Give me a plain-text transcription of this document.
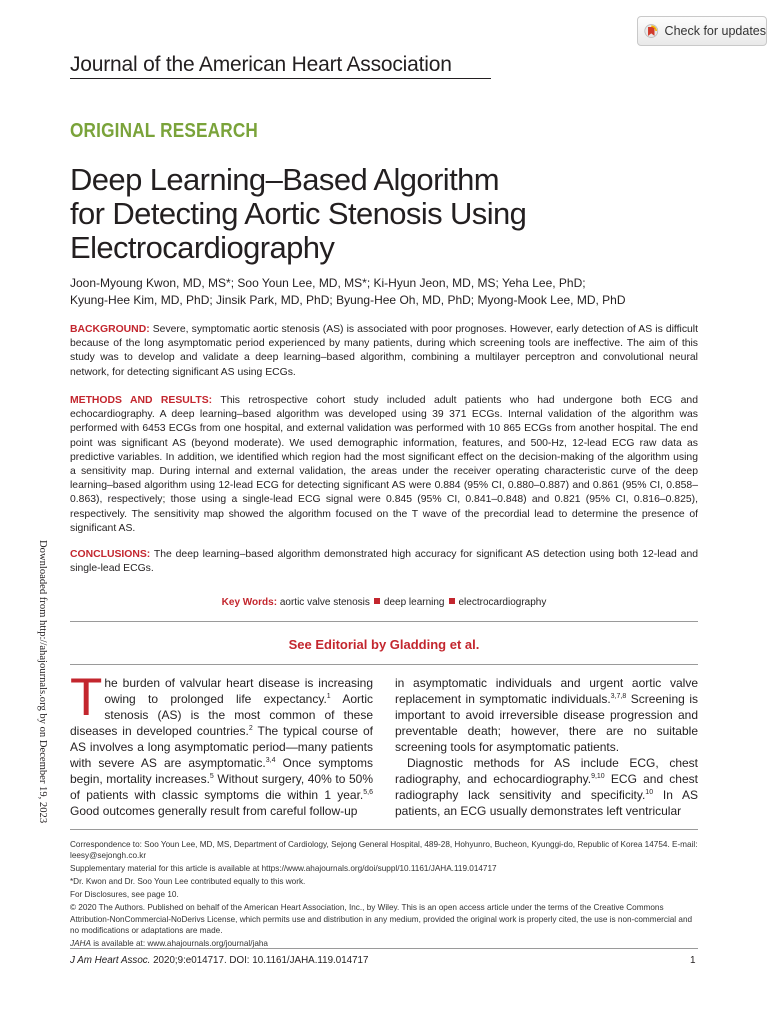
Check for updates
Journal of the American Heart Association
ORIGINAL RESEARCH
Deep Learning–Based Algorithm
for Detecting Aortic Stenosis Using
Electrocardiography
Joon-Myoung Kwon, MD, MS*; Soo Youn Lee, MD, MS*; Ki-Hyun Jeon, MD, MS; Yeha Lee, PhD;
Kyung-Hee Kim, MD, PhD; Jinsik Park, MD, PhD; Byung-Hee Oh, MD, PhD; Myong-Mook Lee, MD, PhD
BACKGROUND: Severe, symptomatic aortic stenosis (AS) is associated with poor prognoses. However, early detection of AS is difficult because of the long asymptomatic period experienced by many patients, during which screening tools are ineffective. The aim of this study was to develop and validate a deep learning–based algorithm, combining a multilayer perceptron and convolutional neural network, for detecting significant AS using ECGs.
METHODS AND RESULTS: This retrospective cohort study included adult patients who had undergone both ECG and echocardiography. A deep learning–based algorithm was developed using 39 371 ECGs. Internal validation of the algorithm was performed with 6453 ECGs from one hospital, and external validation was performed with 10 865 ECGs from another hospital. The end point was significant AS (beyond moderate). We used demographic information, features, and 500-Hz, 12-lead ECG raw data as predictive variables. In addition, we identified which region had the most significant effect on the decision-making of the algorithm using a sensitivity map. During internal and external validation, the areas under the receiver operating characteristic curve of the deep learning–based algorithm using 12-lead ECG for detecting significant AS were 0.884 (95% CI, 0.880–0.887) and 0.861 (95% CI, 0.858–0.863), respectively; those using a single-lead ECG signal were 0.845 (95% CI, 0.841–0.848) and 0.821 (95% CI, 0.816–0.825), respectively. The sensitivity map showed the algorithm focused on the T wave of the precordial lead to determine the presence of significant AS.
CONCLUSIONS: The deep learning–based algorithm demonstrated high accuracy for significant AS detection using both 12-lead and single-lead ECGs.
Key Words: aortic valve stenosis deep learning electrocardiography
See Editorial by Gladding et al.

The burden of valvular heart disease is increasing owing to prolonged life expectancy.$^1$ Aortic stenosis (AS) is the most common of these diseases in developed countries.$^2$ The typical course of AS involves a long asymptomatic period—many patients with severe AS are asymptomatic.$^{3,4}$ Once symptoms begin, mortality increases.$^5$ Without surgery, 40% to 50% of patients with classic symptoms die within 1 year.$^{5,6}$ Good outcomes generally result from careful follow-up

in asymptomatic individuals and urgent aortic valve replacement in symptomatic individuals.$^{3,7,8}$ Screening is important to avoid irreversible disease progression and preventable death; however, there are no suitable screening tools for asymptomatic patients.

Diagnostic methods for AS include ECG, chest radiography, and echocardiography.$^{9,10}$ ECG and chest radiography lack sensitivity and specificity.$^{10}$ In AS patients, an ECG usually demonstrates left ventricular

Correspondence to: Soo Youn Lee, MD, MS, Department of Cardiology, Sejong General Hospital, 489-28, Hohyunro, Bucheon, Kyunggi-do, Republic of Korea 14754. E-mail: leesy@sejongh.co.kr

Supplementary material for this article is available at https://www.ahajournals.org/doi/suppl/10.1161/JAHA.119.014717

*Dr. Kwon and Dr. Soo Youn Lee contributed equally to this work.

For Disclosures, see page 10.

© 2020 The Authors. Published on behalf of the American Heart Association, Inc., by Wiley. This is an open access article under the terms of the Creative Commons Attribution-NonCommercial-NoDerivs License, which permits use and distribution in any medium, provided the original work is properly cited, the use is non-commercial and no modifications or adaptations are made.

JAHA is available at: www.ahajournals.org/journal/jaha

J Am Heart Assoc. 2020;9:e014717. DOI: 10.1161/JAHA.119.014717	1
Downloaded from http://ahajournals.org by on December 19, 2023
